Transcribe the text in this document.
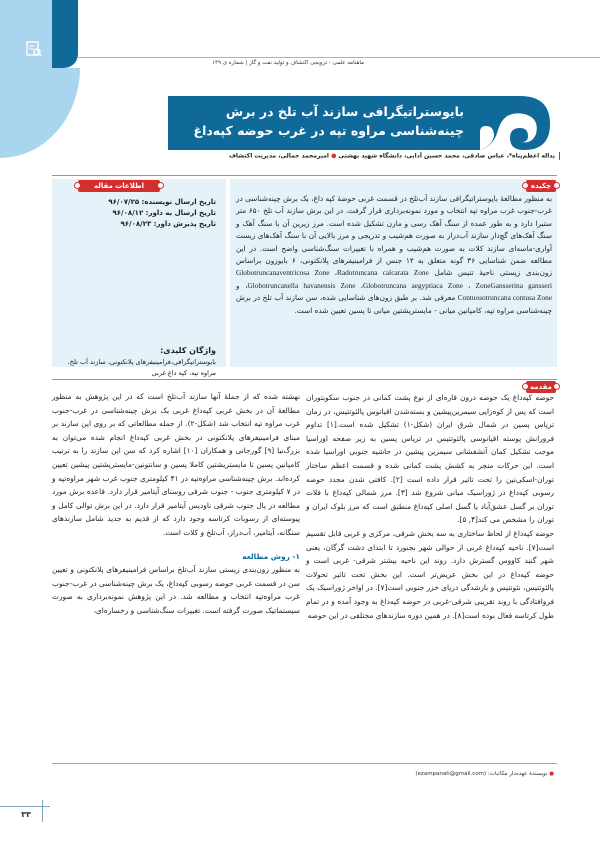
ماهنامه علمی - ترویجی اکتشاف و تولید نفت و گاز | شماره ی ۱۴۹
بایوستراتیگرافی سازند آب تلخ در برش چینه‌شناسی مراوه تپه در غرب حوضه کپه‌داغ
یداله اعظم‌پناه*، عباس صادقی، محمد حسین آدابی، دانشگاه شهید بهشتی ● امیرمحمد جمالی، مدیریت اکتشاف
اطلاعات مقاله
تاریخ ارسال نویسنده: ۹۶/۰۷/۲۵
تاریخ ارسال به داور: ۹۶/۰۸/۱۲
تاریخ پذیرش داور: ۹۶/۰۸/۲۳
واژگان کلیدی:
بایوستراتیگرافی،فرامینیفرهای پلانکتونی، سازند آب تلخ، مراوه تپه، کپه داغ غربی
چکیده
به منظور مطالعهٔ بایوستراتیگرافی سازند آب‌تلخ در قسمت غربی حوضهٔ کپه داغ، یک برش چینه‌شناسی در غرب-جنوب غرب مراوه تپه انتخاب و مورد نمونه‌برداری قرار گرفت. در این برش سازند آب تلخ ۶۵۰ متر ستبرا دارد و به طور عمده از سنگ آهک رسی و مارن تشکیل شده است. مرز زیرین آن با سنگ آهک و سنگ آهک‌های گچ‌دار سازند آب‌دراز به صورت هم‌شیب و تدریجی و مرز بالایی آن با سنگ آهک‌های زیست آواری-ماسه‌ای سازند کلات به صورت هم‌شیب و همراه با تغییرات سنگ‌شناسی واضح است. در این مطالعه ضمن شناسایی ۳۶ گونه متعلق به ۱۴ جنس از فرامینیفرهای پلانکتونی، ۶ بایوزون براساس زون‌بندی زیستی ناحیهٔ تتیس شامل Globotruncanaventricosa Zone ،Radotruncana calcarata Zone ،Globotruncanella havanensis Zone ،Globotruncana aegyptiaca Zone ، ZoneGansserina gansseri و Contuosotruncana contusa Zone معرفی شد. بر طبق زون‌های شناسایی شده، سن سازند آب تلخ در برش چینه‌شناسی مراوه تپه، کامپانین میانی - مایستریشتین میانی تا پسین تعیین شده است.
مقدمه

حوضه کپه‌داغ یک حوضه درون قاره‌ای از نوع پشت کمانی در جنوب سکوبتوران است که پس از کوه‌زایی سیمرین‌پیشین و بسته‌شدن اقیانوس پالئوتتیس، در زمان تریاس پسین در شمال شرق ایران (شکل-۱) تشکیل شده است.[۱] تداوم فرورانش پوسته اقیانوسی پالئوتتیس در تریاس پسین به زیر صفحه اوراسیا موجب تشکیل کمان آتشفشانی سیمرین پیشین در حاشیه جنوبی اوراسیا شده است. این حرکات منجر به کشش پشت کمانی شده و قسمت اعظم ساختار توران-اسکی‌تین را تحت تاثیر قرار داده است [۲]. کافتی شدن مجدد حوضه رسوبی کپه‌داغ در ژوراسیک میانی شروع شد [۳]. مرز شمالی کپه‌داغ با فلات توران بر گسل عشق‌آباد یا گسل اصلی کپه‌داغ منطبق است که مرز بلوک ایران و توران را مشخص می کند[۴, ۵].

حوضه کپه‌داغ از لحاظ ساختاری به سه بخش شرقی، مرکزی و غربی قابل تقسیم است[۷]. ناحیه کپه‌داغ غربی از حوالی شهر بجنورد تا ابتدای دشت گرگان، یعنی شهر گنبد کاووس گسترش دارد. روند این ناحیه بیشتر شرقی- غربی است و حوضه کپه‌داغ در این بخش عریض‌تر است. این بخش تحت تاثیر تحولات پالئوتتیس، نئوتتیس و بازشدگی دریای خزر جنوبی است[۷]. در اواخر ژوراسیک یک فروافتادگی با روند تقریبی شرقی-غربی در حوضه کپه‌داغ به وجود آمده و در تمام طول کرتاسه فعال بوده است[۸]. در همین دوره سازندهای مختلفی در این حوضه

نهشته شده که از جملهٔ آنها سازند آب‌تلخ است که در این پژوهش به منظور مطالعهٔ آن در بخش غربی کپه‌داغ غربی یک برش چینه‌شناسی در غرب-جنوب غرب مراوه تپه انتخاب شد (شکل-۲). از جمله مطالعاتی که بر روی این سازند بر مبنای فرامینیفرهای پلانکتونی در بخش غربی کپه‌داغ انجام شده می‌توان به بزرگ‌نیا [۹] گورجانی و همکاران [۱۰] اشاره کرد که سن این سازند را به ترتیب کامپانین پسین تا مایستریشتین کاملا پسین و سانتونین-مایستریشتین پیشین تعیین کرده‌اند. برش چینه‌شناسی مراوه‌تپه در ۴۱ کیلومتری جنوب غرب شهر مراوه‌تپه و در ۷ کیلومتری جنوب - جنوب شرقی روستای آیتامیر قرار دارد. قاعده برش مورد مطالعه در یال جنوب شرقی ناودیس آیتامیر قرار دارد. در این برش توالی کامل و پیوسته‌ای از رسوبات کرتاسه وجود دارد که از قدیم به جدید شامل سازندهای سنگانه، آیتامیر، آب‌دراز، آب‌تلخ و کلات است.

۱- روش مطالعه

به منظور زون‌بندی زیستی سازند آب‌تلخ براساس فرامینیفرهای پلانکتونی و تعیین سن در قسمت غربی حوضه رسوبی کپه‌داغ، یک برش چینه‌شناسی در غرب-جنوب غرب مراوه‌تپه انتخاب و مطالعه شد. در این پژوهش نمونه‌برداری به صورت سیستماتیک صورت گرفته است. تغییرات سنگ‌شناسی و رخساره‌ای،

● نویسندهٔ عهده‌دار مکاتبات: (ezampanah@gmail.com)
۳۳
